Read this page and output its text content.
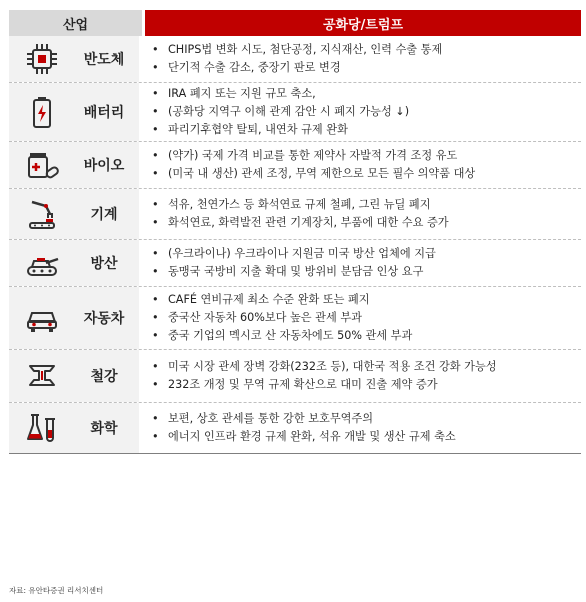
산업	공화당/트럼프
반도체
• CHIPS법 변화 시도, 첨단공정, 지식재산, 인력 수출 통제
• 단기적 수출 감소, 중장기 판로 변경
배터리
• IRA 폐지 또는 지원 규모 축소,
• (공화당 지역구 이해 관계 감안 시 폐지 가능성 ↓)
• 파리기후협약 탈퇴, 내연차 규제 완화
바이오
• (약가) 국제 가격 비교를 통한 제약사 자발적 가격 조정 유도
• (미국 내 생산) 관세 조정, 무역 제한으로 모든 필수 의약품 대상
기계
• 석유, 천연가스 등 화석연료 규제 철폐, 그린 뉴딜 폐지
• 화석연료, 화력발전 관련 기계장치, 부품에 대한 수요 증가
방산
• (우크라이나) 우크라이나 지원금 미국 방산 업체에 지급
• 동맹국 국방비 지출 확대 및 방위비 분담금 인상 요구
자동차
• CAFÉ 연비규제 최소 수준 완화 또는 폐지
• 중국산 자동차 60%보다 높은 관세 부과
• 중국 기업의 멕시코 산 자동차에도 50% 관세 부과
철강
• 미국 시장 관세 장벽 강화(232조 등), 대한국 적용 조건 강화 가능성
• 232조 개정 및 무역 규제 확산으로 대미 진출 제약 증가
화학
• 보편, 상호 관세를 통한 강한 보호무역주의
• 에너지 인프라 환경 규제 완화, 석유 개발 및 생산 규제 축소
자료: 유안타증권 리서치센터
